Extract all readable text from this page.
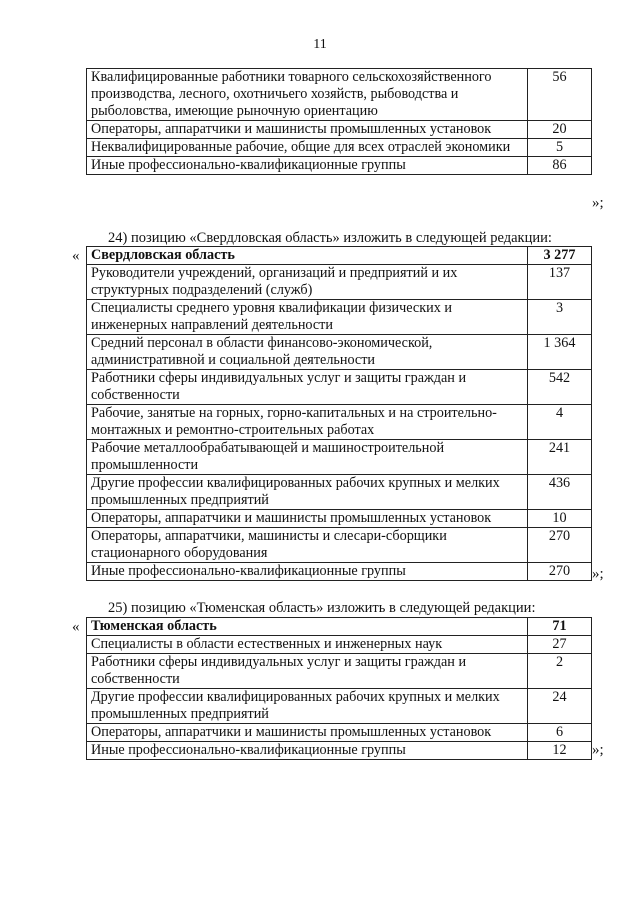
11
Квалифицированные работники товарного сельскохозяйственного производства, лесного, охотничьего хозяйств, рыбоводства и рыболовства, имеющие рыночную ориентацию	56
Операторы, аппаратчики и машинисты промышленных установок	20
Неквалифицированные рабочие, общие для всех отраслей экономики	5
Иные профессионально-квалификационные группы	86
»;
24) позицию «Свердловская область» изложить в следующей редакции:
« Свердловская область	3 277
Руководители учреждений, организаций и предприятий и их структурных подразделений (служб)	137
Специалисты среднего уровня квалификации физических и инженерных направлений деятельности	3
Средний персонал в области финансово-экономической, административной и социальной деятельности	1 364
Работники сферы индивидуальных услуг и защиты граждан и собственности	542
Рабочие, занятые на горных, горно-капитальных и на строительно-монтажных и ремонтно-строительных работах	4
Рабочие металлообрабатывающей и машиностроительной промышленности	241
Другие профессии квалифицированных рабочих крупных и мелких промышленных предприятий	436
Операторы, аппаратчики и машинисты промышленных установок	10
Операторы, аппаратчики, машинисты и слесари-сборщики стационарного оборудования	270
Иные профессионально-квалификационные группы	270 »;
25) позицию «Тюменская область» изложить в следующей редакции:
« Тюменская область	71
Специалисты в области естественных и инженерных наук	27
Работники сферы индивидуальных услуг и защиты граждан и собственности	2
Другие профессии квалифицированных рабочих крупных и мелких промышленных предприятий	24
Операторы, аппаратчики и машинисты промышленных установок	6
Иные профессионально-квалификационные группы	12 »;
